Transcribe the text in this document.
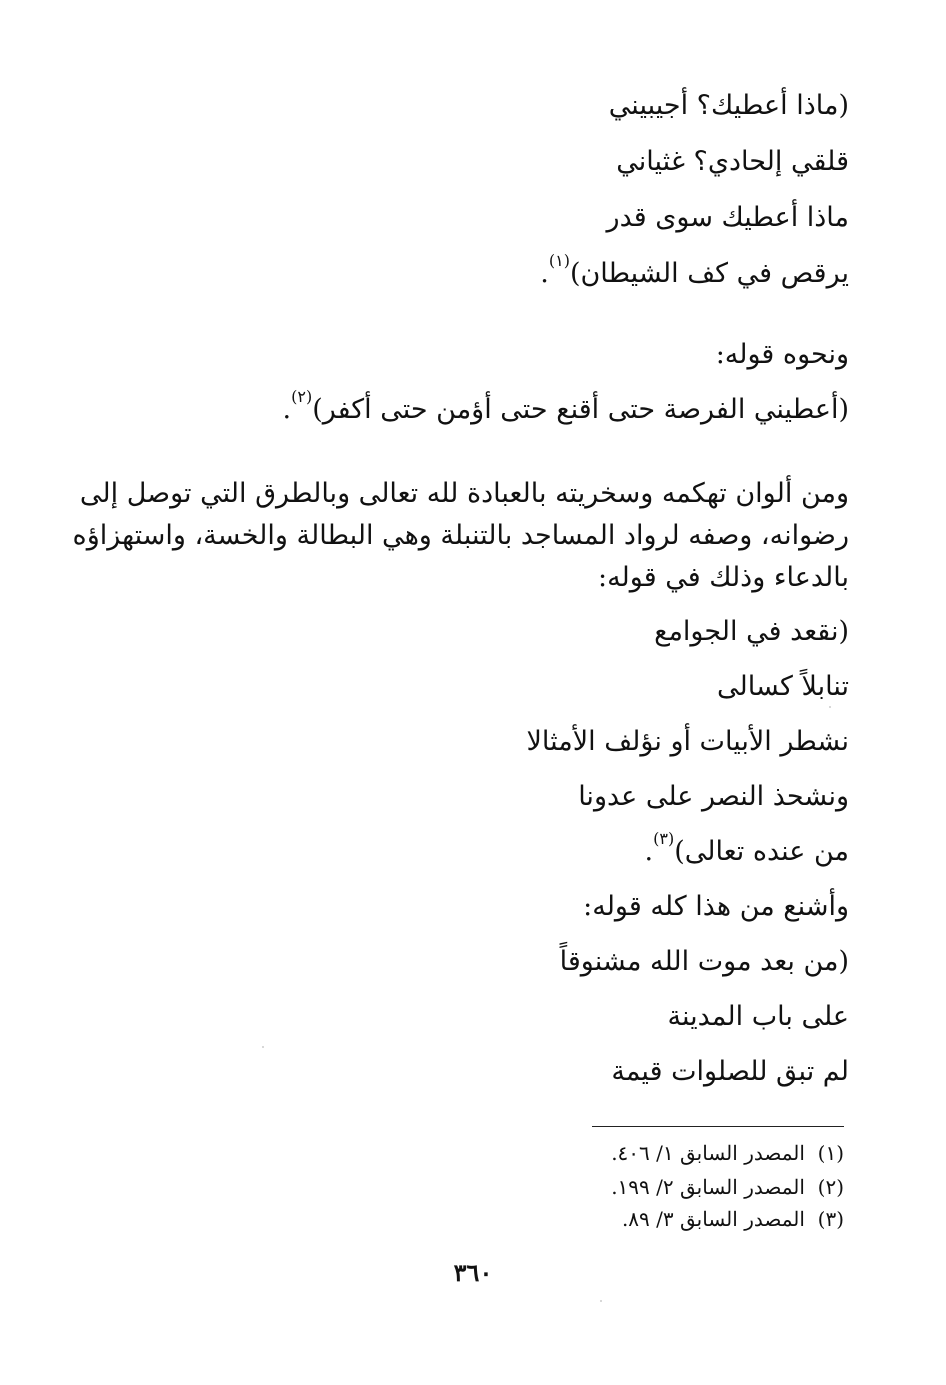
(ماذا أعطيك؟ أجيبيني
قلقي إلحادي؟ غثياني
ماذا أعطيك سوى قدر
يرقص في كف الشيطان)$^{(١)}$.
ونحوه قوله:
(أعطيني الفرصة حتى أقنع حتى أؤمن حتى أكفر)$^{(٢)}$.
ومن ألوان تهكمه وسخريته بالعبادة لله تعالى وبالطرق التي توصل إلى
رضوانه، وصفه لرواد المساجد بالتنبلة وهي البطالة والخسة، واستهزاؤه
بالدعاء وذلك في قوله:
(نقعد في الجوامع
تنابلاً كسالى
نشطر الأبيات أو نؤلف الأمثالا
ونشحذ النصر على عدونا
من عنده تعالى)$^{(٣)}$.
وأشنع من هذا كله قوله:
(من بعد موت الله مشنوقاً
على باب المدينة
لم تبق للصلوات قيمة
(١)  المصدر السابق ١/ ٤٠٦.
(٢)  المصدر السابق ٢/ ١٩٩.
(٣)  المصدر السابق ٣/ ٨٩.
٣٦٠
